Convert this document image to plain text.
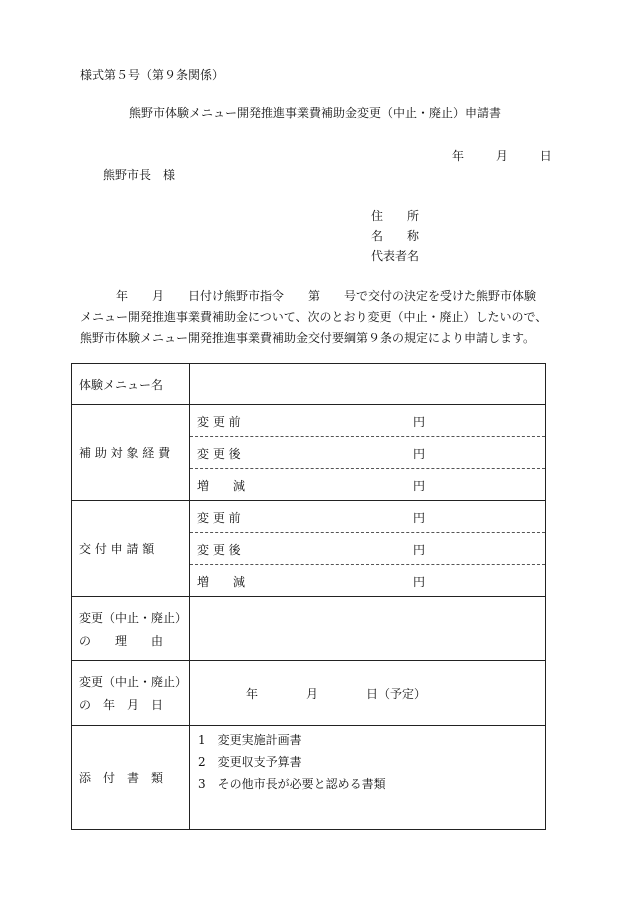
様式第５号（第９条関係）
熊野市体験メニュー開発推進事業費補助金変更（中止・廃止）申請書
年	月	日
熊野市長　様
住　　所
名　　称
代表者名
　　　年　　月　　日付け熊野市指令　　第　　号で交付の決定を受けた熊野市体験
メニュー開発推進事業費補助金について、次のとおり変更（中止・廃止）したいので、
熊野市体験メニュー開発推進事業費補助金交付要綱第９条の規定により申請します。
体験メニュー名	
補 助 対 象 経 費	変 更 前 円

	変 更 後 円

	増　　減 円

交 付 申 請 額	変 更 前 円

	変 更 後 円

	増　　減 円

変更（中止・廃止）
の　　理　　由	

変更（中止・廃止）
の　年　月　日	年　　　　月　　　　日（予定）
添　付　書　類	1　変更実施計画書
2　変更収支予算書
3　その他市長が必要と認める書類
